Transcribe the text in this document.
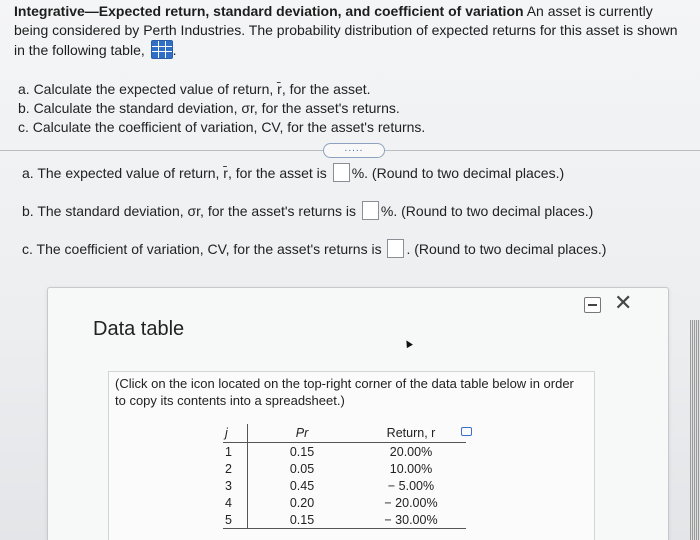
Integrative—Expected return, standard deviation, and coefficient of variation An asset is currently being considered by Perth Industries. The probability distribution of expected returns for this asset is shown in the following table, .
a. Calculate the expected value of return, r̄, for the asset.
b. Calculate the standard deviation, σr, for the asset's returns.
c. Calculate the coefficient of variation, CV, for the asset's returns.
.....
a. The expected value of return, r̄, for the asset is %. (Round to two decimal places.)
b. The standard deviation, σr, for the asset's returns is %. (Round to two decimal places.)
c. The coefficient of variation, CV, for the asset's returns is . (Round to two decimal places.)
Data table
✕
▲
(Click on the icon located on the top-right corner of the data table below in order to copy its contents into a spreadsheet.)
j	Pr	Return, r
1	0.15	20.00%
2	0.05	10.00%
3	0.45	− 5.00%
4	0.20	− 20.00%
5	0.15	− 30.00%
